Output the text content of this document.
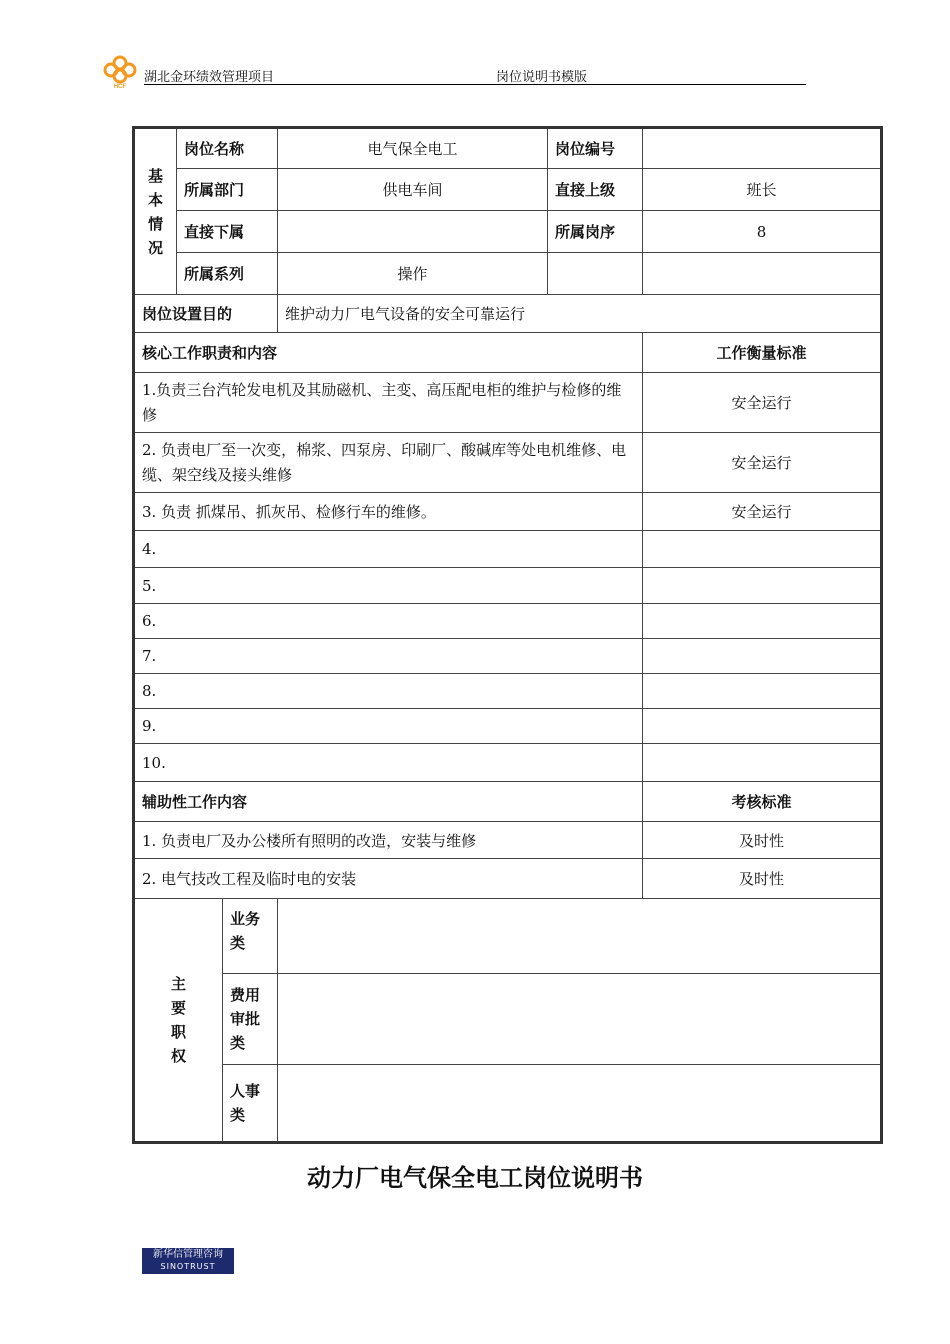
HCF
湖北金环绩效管理项目	岗位说明书模版
基本情况	岗位名称		电气保全电工	岗位编号	
	所属部门		供电车间	直接上级	班长
	直接下属			所属岗序	8
	所属系列		操作		
岗位设置目的			维护动力厂电气设备的安全可靠运行		
核心工作职责和内容					工作衡量标准
1.负责三台汽轮发电机及其励磁机、主变、高压配电柜的维护与检修的维修					安全运行
2. 负责电厂至一次变，棉浆、四泵房、印刷厂、酸碱库等处电机维修、电缆、架空线及接头维修					安全运行
3. 负责 抓煤吊、抓灰吊、检修行车的维修。					安全运行
4.					
5.					
6.					
7.					
8.					
9.					
10.					
辅助性工作内容					考核标准
1. 负责电厂及办公楼所有照明的改造，安装与维修					及时性
2. 电气技改工程及临时电的安装					及时性
主要职权		业务类			
		费用审批类			
		人事类			
动力厂电气保全电工岗位说明书
新华信管理咨询
SINOTRUST
